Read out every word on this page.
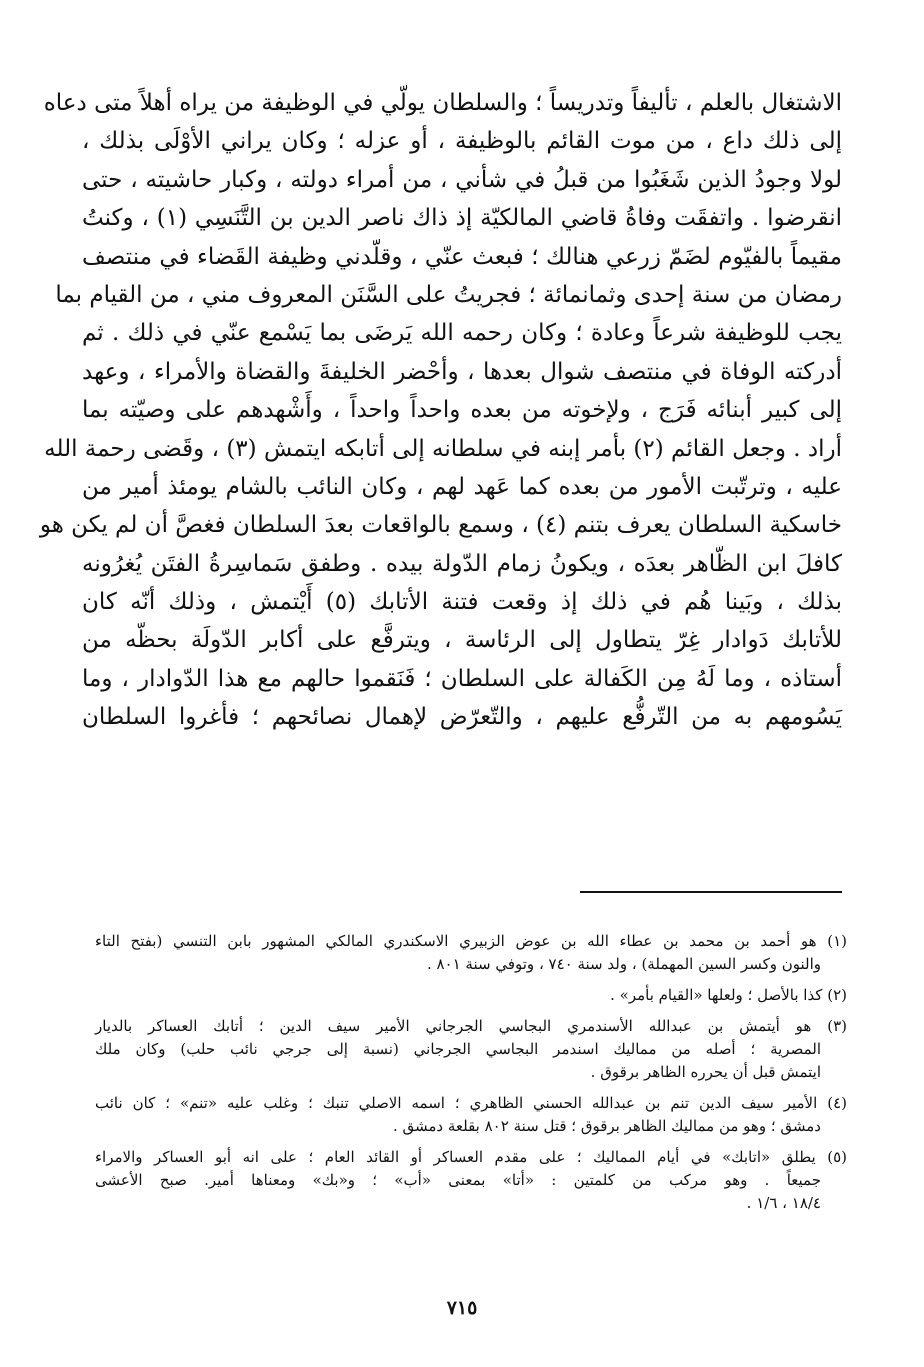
الاشتغال بالعلم ، تأليفاً وتدريساً ؛ والسلطان يولّي في الوظيفة من يراه أهلاً متى دعاه
إلى ذلك داع ، من موت القائم بالوظيفة ، أو عزله ؛ وكان يراني الأوْلَى بذلك ،
لولا وجودُ الذين شَغَبُوا من قبلُ في شأني ، من أمراء دولته ، وكبار حاشيته ، حتى
انقرضوا . واتفقَت وفاةُ قاضي المالكيّة إذ ذاك ناصر الدين بن التَّنَسِي (١) ، وكنتُ
مقيماً بالفيّوم لضَمّ زرعي هنالك ؛ فبعث عنّي ، وقلّدني وظيفة القَضاء في منتصف
رمضان من سنة إحدى وثمانمائة ؛ فجريتُ على السَّنَن المعروف مني ، من القيام بما
يجب للوظيفة شرعاً وعادة ؛ وكان رحمه الله يَرضَى بما يَسْمع عنّي في ذلك . ثم
أدركته الوفاة في منتصف شوال بعدها ، وأحْضر الخليفةَ والقضاة والأمراء ، وعهد
إلى كبير أبنائه فَرَج ، ولإخوته من بعده واحداً واحداً ، وأَشْهدهم على وصيّته بما
أراد . وجعل القائم (٢) بأمر إبنه في سلطانه إلى أتابكه ايتمش (٣) ، وقَضى رحمة الله
عليه ، وترتّبت الأمور من بعده كما عَهد لهم ، وكان النائب بالشام يومئذ أمير من
خاسكية السلطان يعرف بتنم (٤) ، وسمع بالواقعات بعدَ السلطان فغصَّ أن لم يكن هو
كافلَ ابن الظّاهر بعدَه ، ويكونُ زمام الدّولة بيده . وطفق سَماسِرةُ الفتَن يُغرُونه
بذلك ، وبَينا هُم في ذلك إذ وقعت فتنة الأتابك (٥) أَيْتمش ، وذلك أنّه كان
للأتابك دَوادار غِرّ يتطاول إلى الرئاسة ، ويترفَّع على أكابر الدّولَة بحظّه من
أستاذه ، وما لَهُ مِن الكَفالة على السلطان ؛ فَنَقموا حالهم مع هذا الدّوادار ، وما
يَسُومهم به من التّرفُّع عليهم ، والتّعرّض لإهمال نصائحهم ؛ فأغروا السلطان
(١) هو أحمد بن محمد بن عطاء الله بن عوض الزبيري الاسكندري المالكي المشهور بابن التنسي (بفتح التاء
والنون وكسر السين المهملة) ، ولد سنة ٧٤٠ ، وتوفي سنة ٨٠١ .
(٢) كذا بالأصل ؛ ولعلها «القيام بأمر» .
(٣) هو أيتمش بن عبدالله الأسندمري البجاسي الجرجاني الأمير سيف الدين ؛ أتابك العساكر بالديار
المصرية ؛ أصله من مماليك اسندمر البجاسي الجرجاني (نسبة إلى جرجي نائب حلب) وكان ملك
ايتمش قبل أن يحرره الظاهر برقوق .
(٤) الأمير سيف الدين تنم بن عبدالله الحسني الظاهري ؛ اسمه الاصلي تنبك ؛ وغلب عليه «تنم» ؛ كان نائب
دمشق ؛ وهو من مماليك الظاهر برقوق ؛ قتل سنة ٨٠٢ بقلعة دمشق .
(٥) يطلق «اتابك» في أيام المماليك ؛ على مقدم العساكر أو القائد العام ؛ على انه أبو العساكر والامراء
جميعاً . وهو مركب من كلمتين : «أتا» بمعنى «أب» ؛ و«بك» ومعناها أمير. صبح الأعشى
١٨/٤ ، ١/٦ .
٧١٥
